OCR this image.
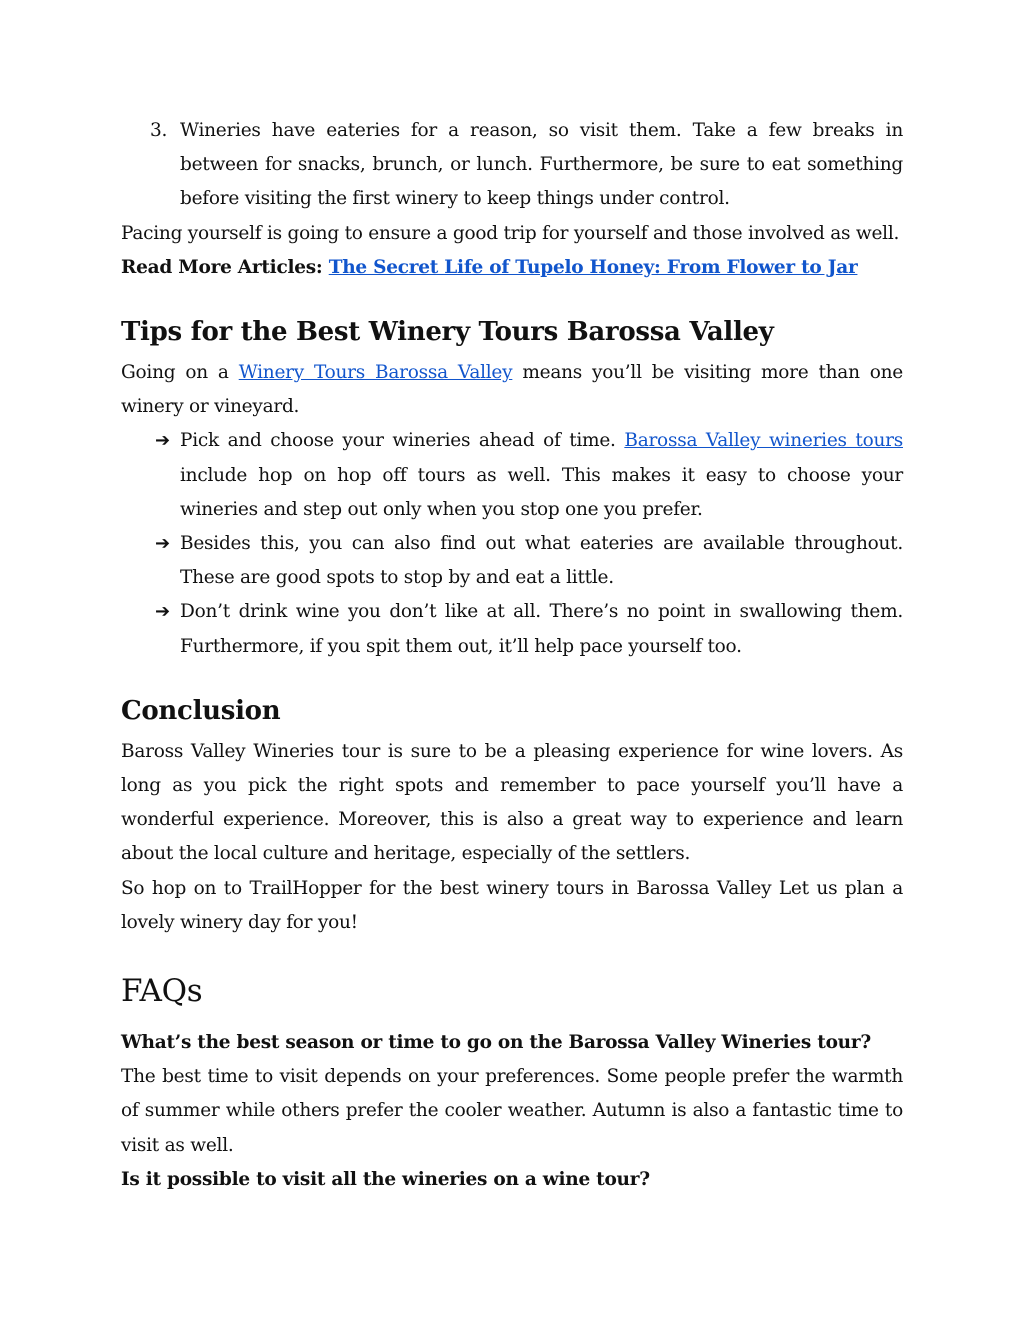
3. Wineries have eateries for a reason, so visit them. Take a few breaks in between for snacks, brunch, or lunch. Furthermore, be sure to eat something before visiting the first winery to keep things under control.

Pacing yourself is going to ensure a good trip for yourself and those involved as well.

Read More Articles: The Secret Life of Tupelo Honey: From Flower to Jar

Tips for the Best Winery Tours Barossa Valley

Going on a Winery Tours Barossa Valley means you’ll be visiting more than one winery or vineyard.

➔ Pick and choose your wineries ahead of time. Barossa Valley wineries tours include hop on hop off tours as well. This makes it easy to choose your wineries and step out only when you stop one you prefer.
➔ Besides this, you can also find out what eateries are available throughout. These are good spots to stop by and eat a little.
➔ Don’t drink wine you don’t like at all. There’s no point in swallowing them. Furthermore, if you spit them out, it’ll help pace yourself too.
Conclusion

Baross Valley Wineries tour is sure to be a pleasing experience for wine lovers. As long as you pick the right spots and remember to pace yourself you’ll have a wonderful experience. Moreover, this is also a great way to experience and learn about the local culture and heritage, especially of the settlers.

So hop on to TrailHopper for the best winery tours in Barossa Valley Let us plan a lovely winery day for you!

FAQs

What’s the best season or time to go on the Barossa Valley Wineries tour?

The best time to visit depends on your preferences. Some people prefer the warmth of summer while others prefer the cooler weather. Autumn is also a fantastic time to visit as well.

Is it possible to visit all the wineries on a wine tour?
